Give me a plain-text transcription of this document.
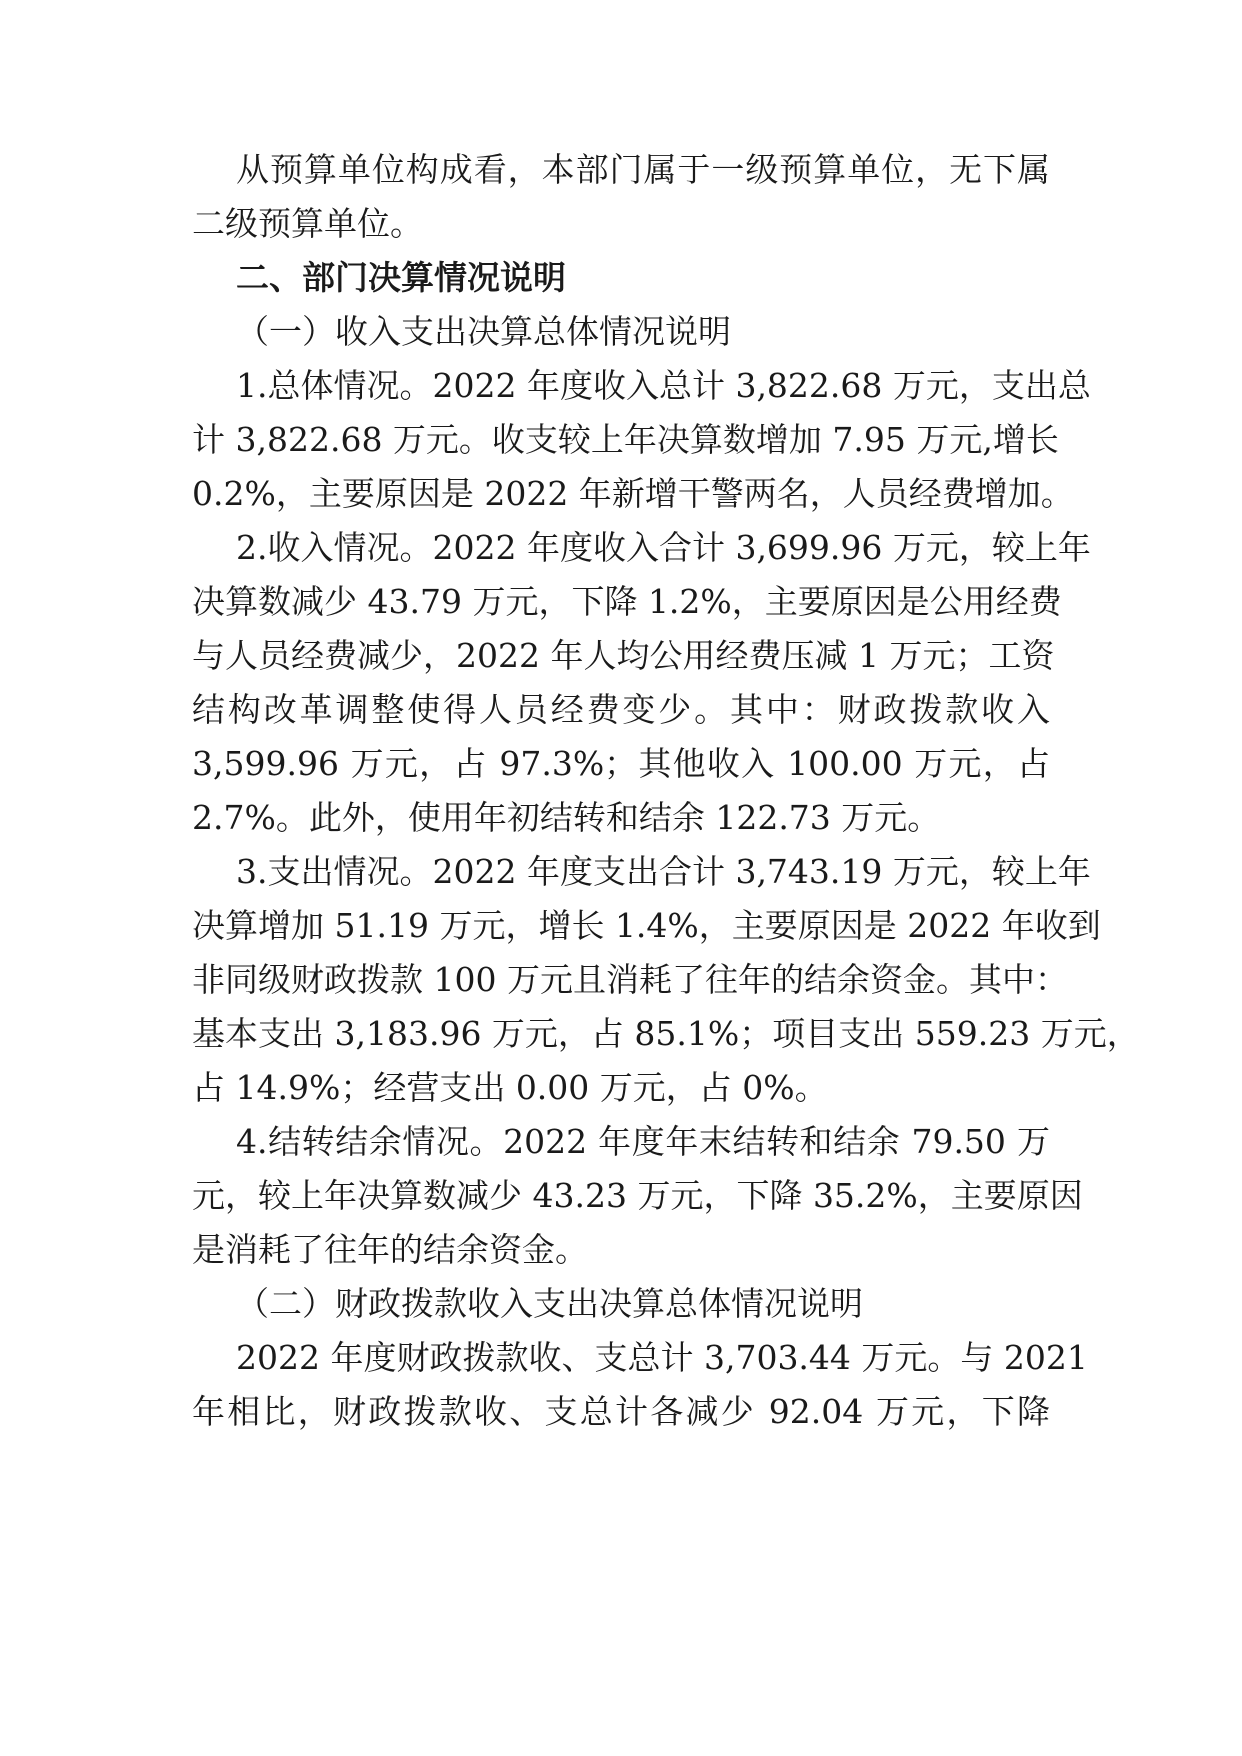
从预算单位构成看，本部门属于一级预算单位，无下属
二级预算单位。
二、部门决算情况说明
（一）收入支出决算总体情况说明
1.总体情况。2022 年度收入总计 3,822.68 万元，支出总
计 3,822.68 万元。收支较上年决算数增加 7.95 万元,增长
0.2%，主要原因是 2022 年新增干警两名，人员经费增加。
2.收入情况。2022 年度收入合计 3,699.96 万元，较上年
决算数减少 43.79 万元，下降 1.2%，主要原因是公用经费
与人员经费减少，2022 年人均公用经费压减 1 万元；工资
结构改革调整使得人员经费变少。其中：财政拨款收入
3,599.96 万元，占 97.3%；其他收入 100.00 万元，占
2.7%。此外，使用年初结转和结余 122.73 万元。
3.支出情况。2022 年度支出合计 3,743.19 万元，较上年
决算增加 51.19 万元，增长 1.4%，主要原因是 2022 年收到
非同级财政拨款 100 万元且消耗了往年的结余资金。其中：
基本支出 3,183.96 万元，占 85.1%；项目支出 559.23 万元，
占 14.9%；经营支出 0.00 万元，占 0%。
4.结转结余情况。2022 年度年末结转和结余 79.50 万
元，较上年决算数减少 43.23 万元，下降 35.2%，主要原因
是消耗了往年的结余资金。
（二）财政拨款收入支出决算总体情况说明
2022 年度财政拨款收、支总计 3,703.44 万元。与 2021
年相比，财政拨款收、支总计各减少 92.04 万元，下降
